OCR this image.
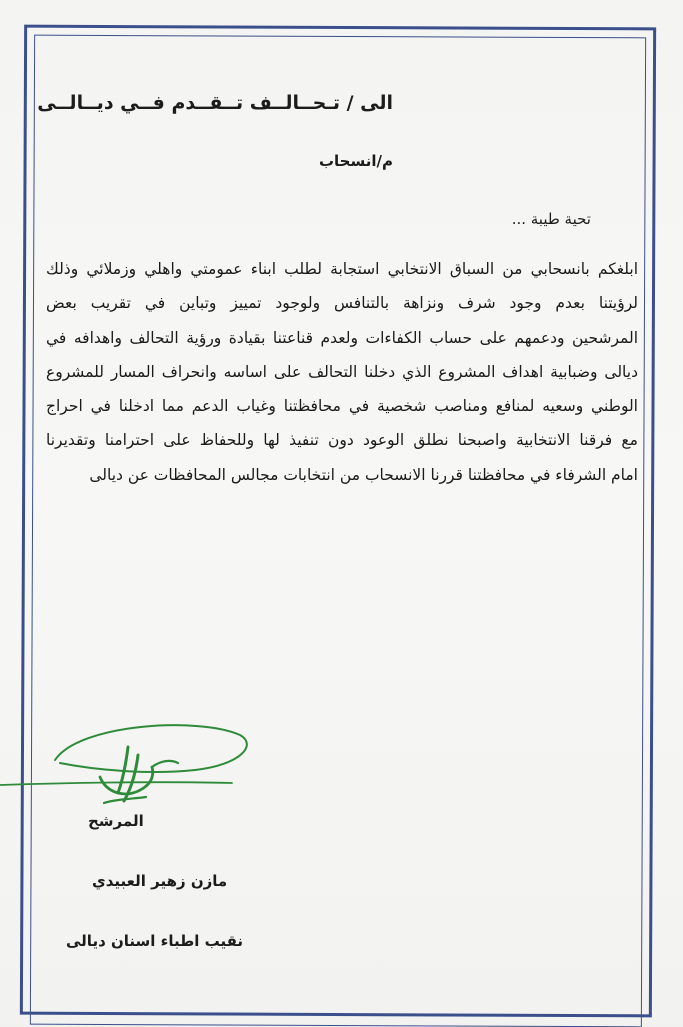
الى / تـحــالــف تــقــدم فــي ديــالــى
م/انسحاب
تحية طيبة ...
ابلغكم بانسحابي من السباق الانتخابي استجابة لطلب ابناء عمومتي واهلي وزملائي وذلك
لرؤيتنا بعدم وجود شرف ونزاهة بالتنافس ولوجود تمييز وتباين في تقريب بعض
المرشحين ودعمهم على حساب الكفاءات ولعدم قناعتنا بقيادة ورؤية التحالف واهدافه في
ديالى وضبابية اهداف المشروع الذي دخلنا التحالف على اساسه وانحراف المسار للمشروع
الوطني وسعيه لمنافع ومناصب شخصية في محافظتنا وغياب الدعم مما ادخلنا في احراج
مع فرقنا الانتخابية واصبحنا نطلق الوعود دون تنفيذ لها وللحفاظ على احترامنا وتقديرنا
امام الشرفاء في محافظتنا قررنا الانسحاب من انتخابات مجالس المحافظات عن ديالى
المرشح
مازن زهير العبيدي
نقيب اطباء اسنان ديالى
